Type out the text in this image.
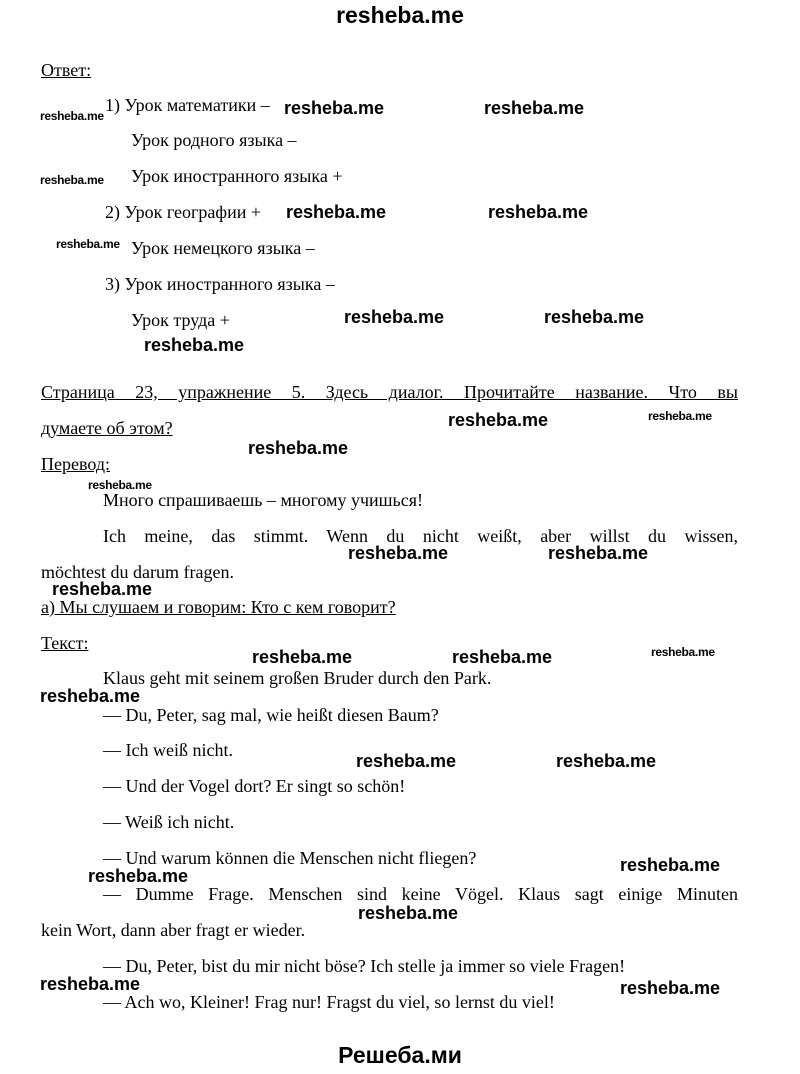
resheba.me
Ответ:
1) Урок математики –
Урок родного языка –
Урок иностранного языка +
2) Урок географии +
Урок немецкого языка –
3) Урок иностранного языка –
Урок труда +
Страница 23, упражнение 5. Здесь диалог. Прочитайте название. Что вы
думаете об этом?
Перевод:
Много спрашиваешь – многому учишься!
Ich meine, das stimmt. Wenn du nicht weißt, aber willst du wissen,
möchtest du darum fragen.
а) Мы слушаем и говорим: Кто с кем говорит?
Текст:
Klaus geht mit seinem großen Bruder durch den Park.
— Du, Peter, sag mal, wie heißt diesen Baum?
— Ich weiß nicht.
— Und der Vogel dort? Er singt so schön!
— Weiß ich nicht.
— Und warum können die Menschen nicht fliegen?
— Dumme Frage. Menschen sind keine Vögel. Klaus sagt einige Minuten
kein Wort, dann aber fragt er wieder.
— Du, Peter, bist du mir nicht böse? Ich stelle ja immer so viele Fragen!
— Ach wo, Kleiner! Frag nur! Fragst du viel, so lernst du viel!
resheba.me	resheba.me	resheba.me
resheba.me
resheba.me	resheba.me
resheba.me
resheba.me	resheba.me
resheba.me
resheba.me	resheba.me
resheba.me
resheba.me
resheba.me	resheba.me
resheba.me
resheba.me	resheba.me	resheba.me
resheba.me
resheba.me	resheba.me
resheba.me
resheba.me
resheba.me
resheba.me	resheba.me
Решеба.ми
